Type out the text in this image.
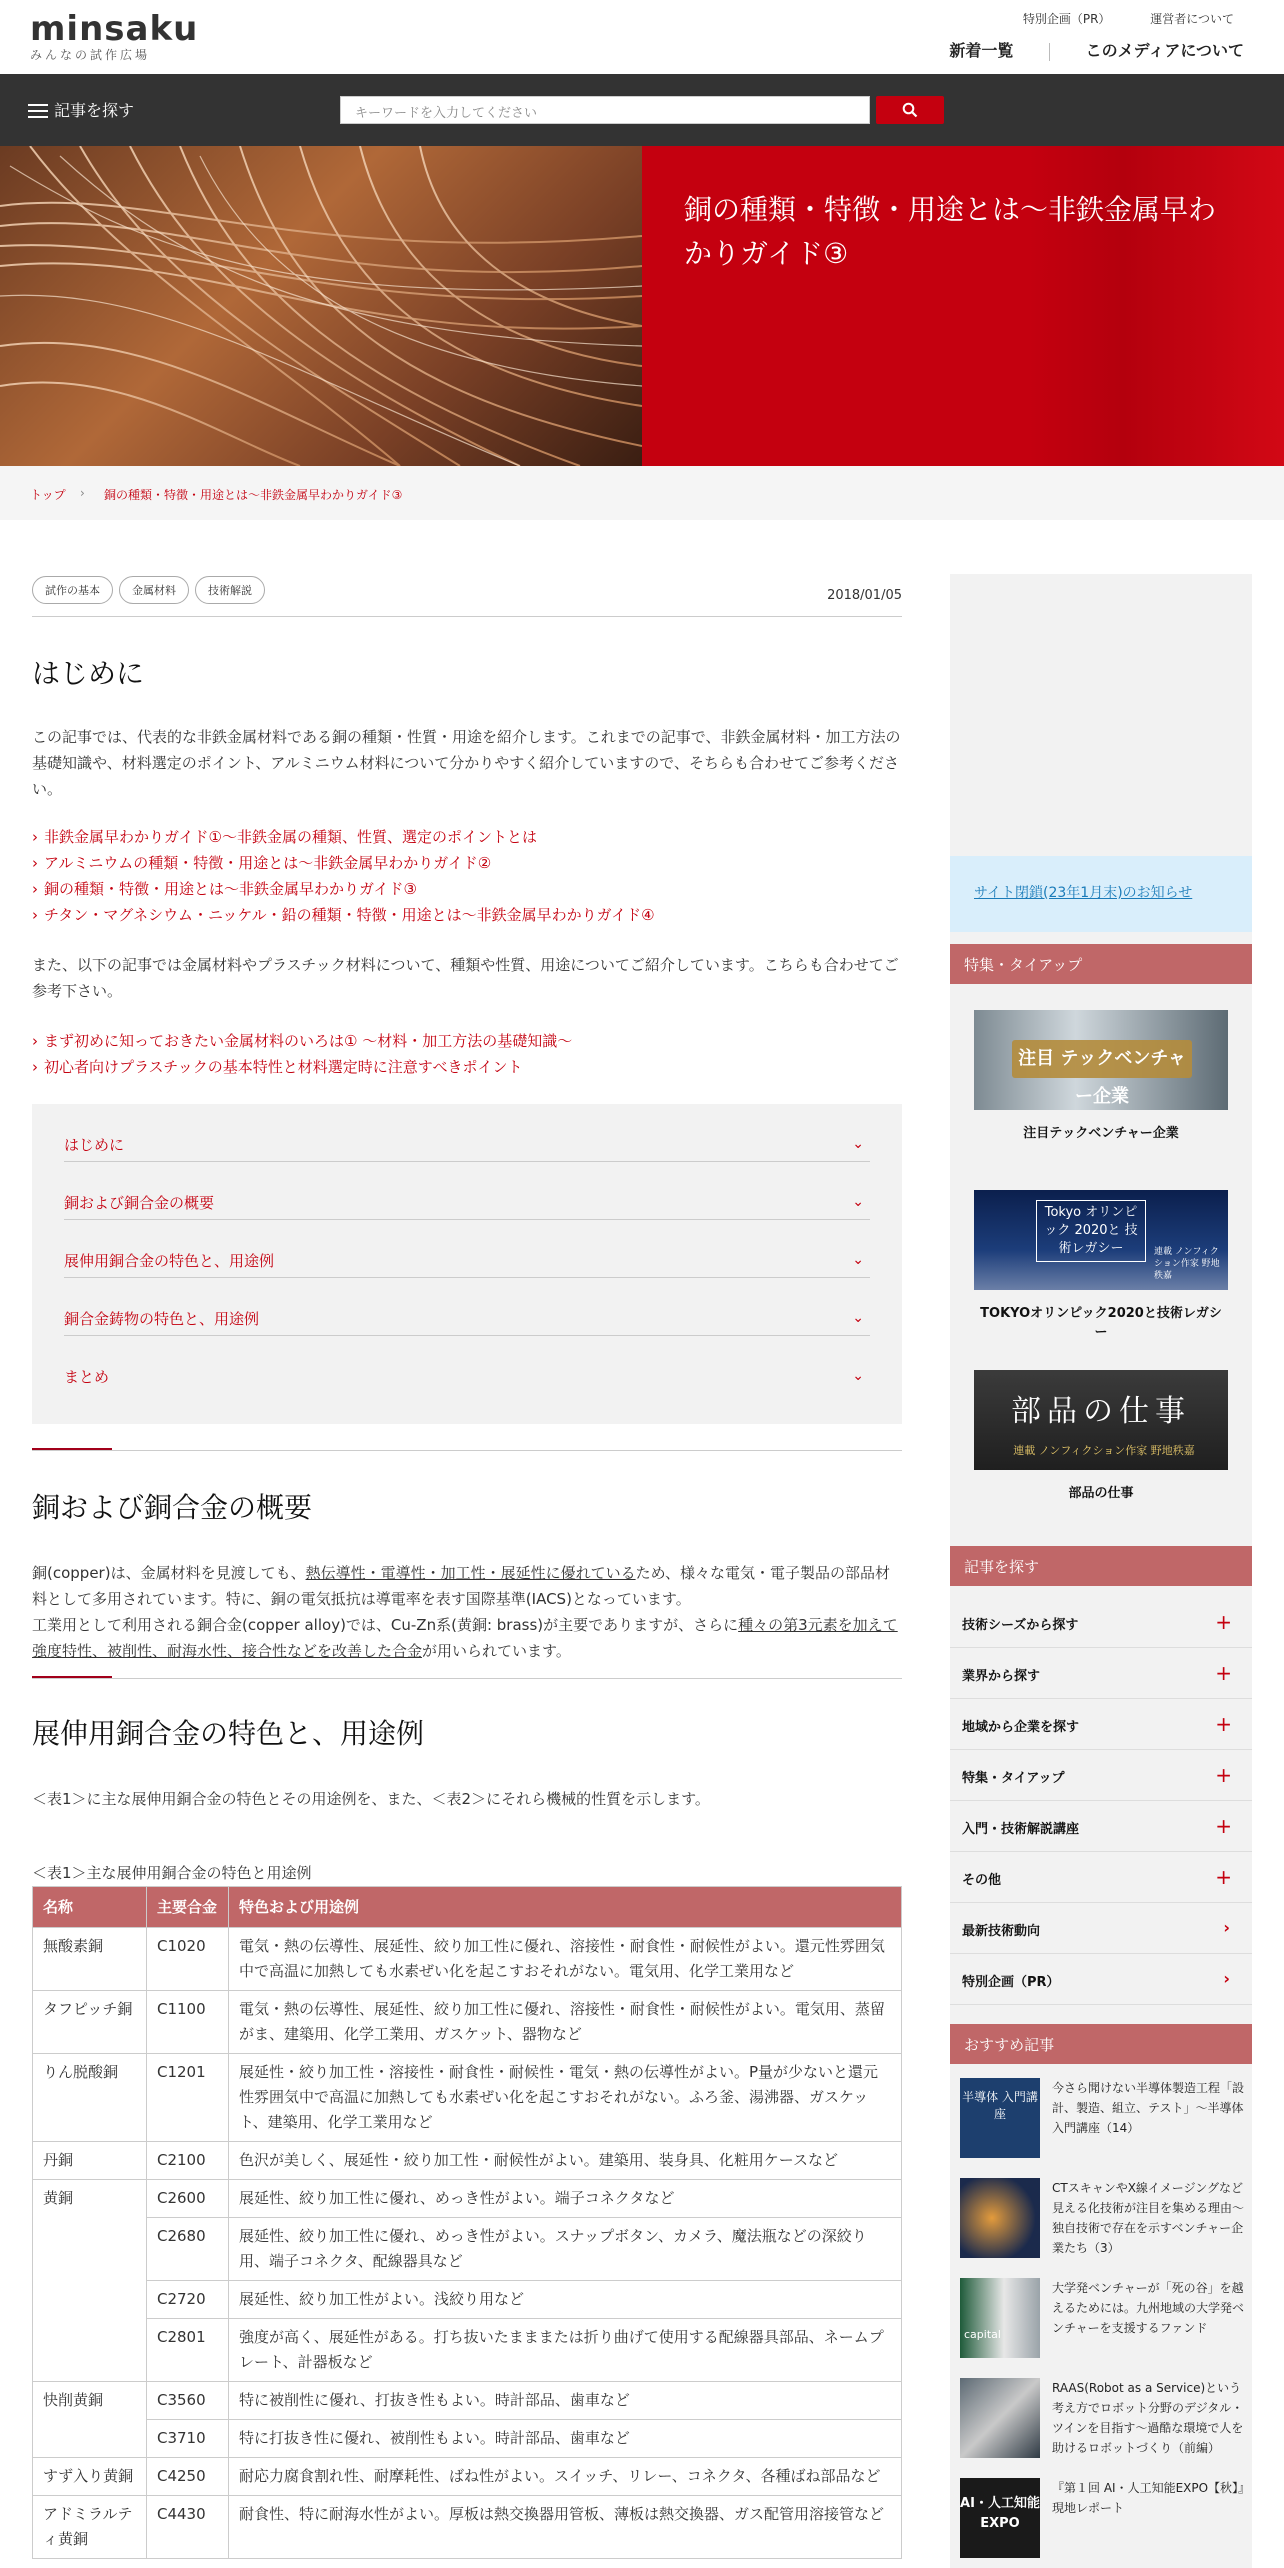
minsaku
みんなの試作広場
特別企画（PR）	運営者について
新着一覧	このメディアについて
記事を探す	キーワードを入力してください
銅の種類・特徴・用途とは～非鉄金属早わかりガイド③
トップ › 銅の種類・特徴・用途とは～非鉄金属早わかりガイド③
試作の基本	金属材料	技術解説	2018/01/05
はじめに

この記事では、代表的な非鉄金属材料である銅の種類・性質・用途を紹介します。これまでの記事で、非鉄金属材料・加工方法の基礎知識や、材料選定のポイント、アルミニウム材料について分かりやすく紹介していますので、そちらも合わせてご参考ください。

› 非鉄金属早わかりガイド①～非鉄金属の種類、性質、選定のポイントとは
› アルミニウムの種類・特徴・用途とは～非鉄金属早わかりガイド②
› 銅の種類・特徴・用途とは～非鉄金属早わかりガイド③
› チタン・マグネシウム・ニッケル・鉛の種類・特徴・用途とは～非鉄金属早わかりガイド④

また、以下の記事では金属材料やプラスチック材料について、種類や性質、用途についてご紹介しています。こちらも合わせてご参考下さい。

› まず初めに知っておきたい金属材料のいろは① ～材料・加工方法の基礎知識～
› 初心者向けプラスチックの基本特性と材料選定時に注意すべきポイント
はじめに	⌄
銅および銅合金の概要	⌄
展伸用銅合金の特色と、用途例	⌄
銅合金鋳物の特色と、用途例	⌄
まとめ	⌄
銅および銅合金の概要

銅(copper)は、金属材料を見渡しても、熱伝導性・電導性・加工性・展延性に優れているため、様々な電気・電子製品の部品材料として多用されています。特に、銅の電気抵抗は導電率を表す国際基準(IACS)となっています。

工業用として利用される銅合金(copper alloy)では、Cu-Zn系(黄銅: brass)が主要でありますが、さらに種々の第3元素を加えて強度特性、被削性、耐海水性、接合性などを改善した合金が用いられています。

展伸用銅合金の特色と、用途例

＜表1＞に主な展伸用銅合金の特色とその用途例を、また、＜表2＞にそれら機械的性質を示します。

＜表1＞主な展伸用銅合金の特色と用途例
名称	主要合金	特色および用途例
無酸素銅	C1020	電気・熱の伝導性、展延性、絞り加工性に優れ、溶接性・耐食性・耐候性がよい。還元性雰囲気中で高温に加熱しても水素ぜい化を起こすおそれがない。電気用、化学工業用など
タフピッチ銅	C1100	電気・熱の伝導性、展延性、絞り加工性に優れ、溶接性・耐食性・耐候性がよい。電気用、蒸留がま、建築用、化学工業用、ガスケット、器物など
りん脱酸銅	C1201	展延性・絞り加工性・溶接性・耐食性・耐候性・電気・熱の伝導性がよい。P量が少ないと還元性雰囲気中で高温に加熱しても水素ぜい化を起こすおそれがない。ふろ釜、湯沸器、ガスケット、建築用、化学工業用など
丹銅	C2100	色沢が美しく、展延性・絞り加工性・耐候性がよい。建築用、装身具、化粧用ケースなど
黄銅	C2600	展延性、絞り加工性に優れ、めっき性がよい。端子コネクタなど
	C2680	展延性、絞り加工性に優れ、めっき性がよい。スナップボタン、カメラ、魔法瓶などの深絞り用、端子コネクタ、配線器具など
	C2720	展延性、絞り加工性がよい。浅絞り用など
	C2801	強度が高く、展延性がある。打ち抜いたまままたは折り曲げて使用する配線器具部品、ネームプレート、計器板など
快削黄銅	C3560	特に被削性に優れ、打抜き性もよい。時計部品、歯車など
	C3710	特に打抜き性に優れ、被削性もよい。時計部品、歯車など
すず入り黄銅	C4250	耐応力腐食割れ性、耐摩耗性、ばね性がよい。スイッチ、リレー、コネクタ、各種ばね部品など
アドミラルティ黄銅	C4430	耐食性、特に耐海水性がよい。厚板は熱交換器用管板、薄板は熱交換器、ガス配管用溶接管など
サイト閉鎖(23年1月末)のお知らせ
特集・タイアップ
注目 テックベンチャー企業
注目テックベンチャー企業
Tokyo オリンピック 2020と 技術レガシー	連載 ノンフィクション作家 野地秩嘉
TOKYOオリンピック2020と技術レガシー
部品の仕事
連載 ノンフィクション作家 野地秩嘉
部品の仕事
記事を探す
技術シーズから探す	+
業界から探す	+
地域から企業を探す	+
特集・タイアップ	+
入門・技術解説講座	+
その他	+
最新技術動向	›
特別企画（PR）	›
おすすめ記事
半導体 入門講座
今さら聞けない半導体製造工程「設計、製造、組立、テスト」～半導体入門講座（14）
CTスキャンやX線イメージングなど見える化技術が注目を集める理由～独自技術で存在を示すベンチャー企業たち（3）
capital
大学発ベンチャーが「死の谷」を越えるためには。九州地域の大学発ベンチャーを支援するファンド
RAAS(Robot as a Service)という考え方でロボット分野のデジタル・ツインを目指す～過酷な環境で人を助けるロボットづくり（前編）
AI・人工知能 EXPO
『第１回 AI・人工知能EXPO【秋】』現地レポート
